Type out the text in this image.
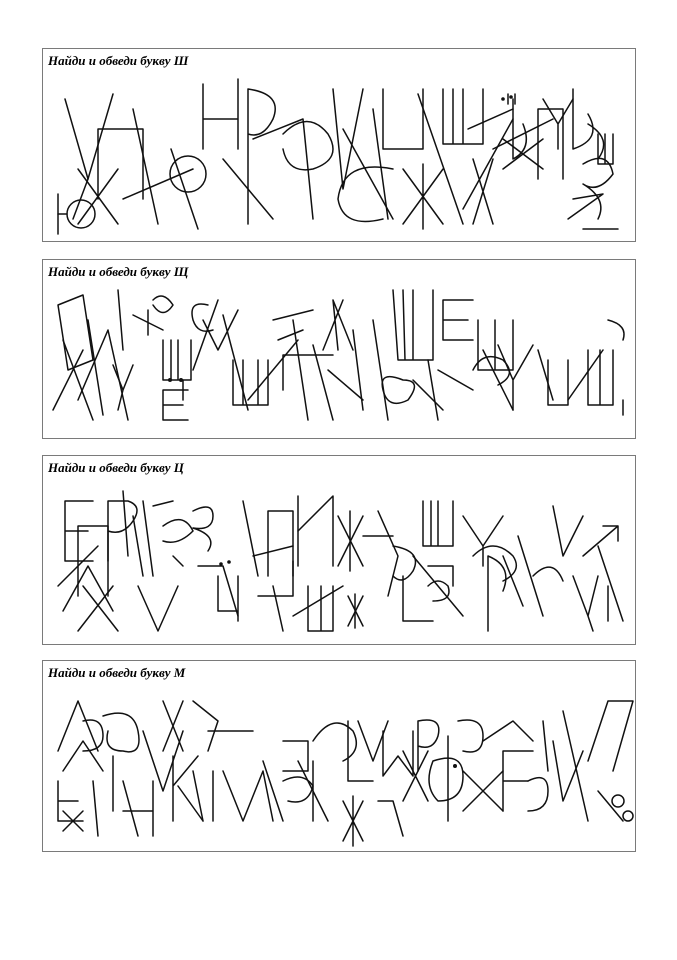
Найди и обведи букву Ш
Найди и обведи букву Щ
Найди и обведи букву Ц
Найди и обведи букву М
